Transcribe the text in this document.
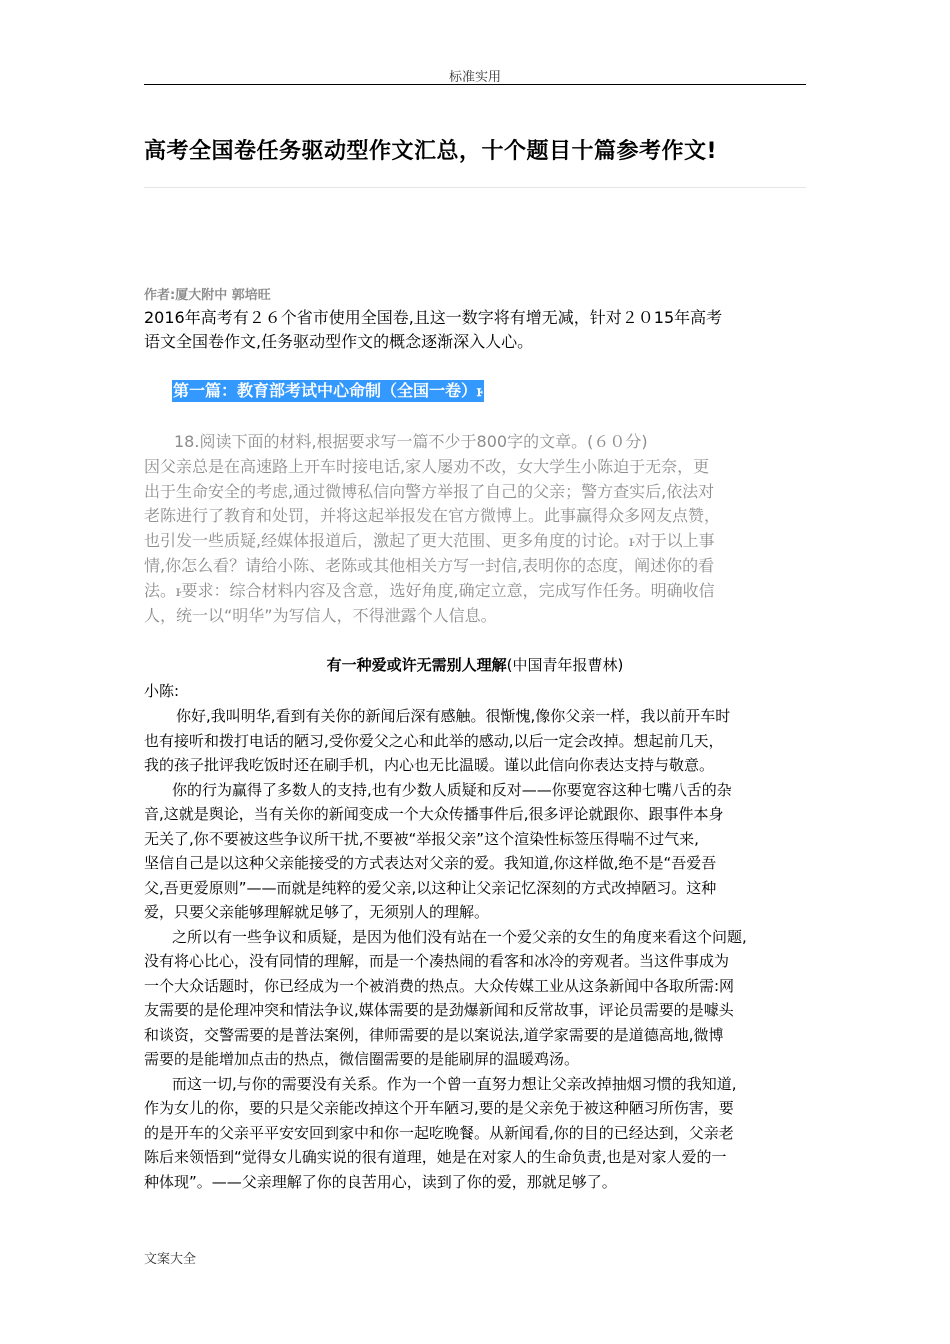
标准实用
高考全国卷任务驱动型作文汇总，十个题目十篇参考作文!
作者:厦大附中 郭培旺
2016年高考有２６个省市使用全国卷,且这一数字将有增无减，针对２０15年高考
语文全国卷作文,任务驱动型作文的概念逐渐深入人心。
第一篇：教育部考试中心命制（全国一卷）ꮀ
18.阅读下面的材料,根据要求写一篇不少于800字的文章。(６０分)
因父亲总是在高速路上开车时接电话,家人屡劝不改，女大学生小陈迫于无奈，更
出于生命安全的考虑,通过微博私信向警方举报了自己的父亲；警方查实后,依法对
老陈进行了教育和处罚，并将这起举报发在官方微博上。此事赢得众多网友点赞，
也引发一些质疑,经媒体报道后，激起了更大范围、更多角度的讨论。ꮀ对于以上事
情,你怎么看？请给小陈、老陈或其他相关方写一封信,表明你的态度，阐述你的看
法。ꮀ要求：综合材料内容及含意，选好角度,确定立意，完成写作任务。明确收信
人，统一以“明华”为写信人，不得泄露个人信息。
有一种爱或许无需别人理解(中国青年报曹林)
小陈:
你好,我叫明华,看到有关你的新闻后深有感触。很惭愧,像你父亲一样，我以前开车时
也有接听和拨打电话的陋习,受你爱父之心和此举的感动,以后一定会改掉。想起前几天，
我的孩子批评我吃饭时还在刷手机，内心也无比温暖。谨以此信向你表达支持与敬意。
你的行为赢得了多数人的支持,也有少数人质疑和反对——你要宽容这种七嘴八舌的杂
音,这就是舆论，当有关你的新闻变成一个大众传播事件后,很多评论就跟你、跟事件本身
无关了,你不要被这些争议所干扰,不要被“举报父亲”这个渲染性标签压得喘不过气来,
坚信自己是以这种父亲能接受的方式表达对父亲的爱。我知道,你这样做,绝不是“吾爱吾
父,吾更爱原则”——而就是纯粹的爱父亲,以这种让父亲记忆深刻的方式改掉陋习。这种
爱，只要父亲能够理解就足够了，无须别人的理解。
之所以有一些争议和质疑，是因为他们没有站在一个爱父亲的女生的角度来看这个问题,
没有将心比心，没有同情的理解，而是一个凑热闹的看客和冰冷的旁观者。当这件事成为
一个大众话题时，你已经成为一个被消费的热点。大众传媒工业从这条新闻中各取所需:网
友需要的是伦理冲突和情法争议,媒体需要的是劲爆新闻和反常故事，评论员需要的是噱头
和谈资，交警需要的是普法案例，律师需要的是以案说法,道学家需要的是道德高地,微博
需要的是能增加点击的热点，微信圈需要的是能刷屏的温暖鸡汤。
而这一切,与你的需要没有关系。作为一个曾一直努力想让父亲改掉抽烟习惯的我知道,
作为女儿的你，要的只是父亲能改掉这个开车陋习,要的是父亲免于被这种陋习所伤害，要
的是开车的父亲平平安安回到家中和你一起吃晚餐。从新闻看,你的目的已经达到，父亲老
陈后来领悟到“觉得女儿确实说的很有道理，她是在对家人的生命负责,也是对家人爱的一
种体现”。——父亲理解了你的良苦用心，读到了你的爱，那就足够了。
文案大全
